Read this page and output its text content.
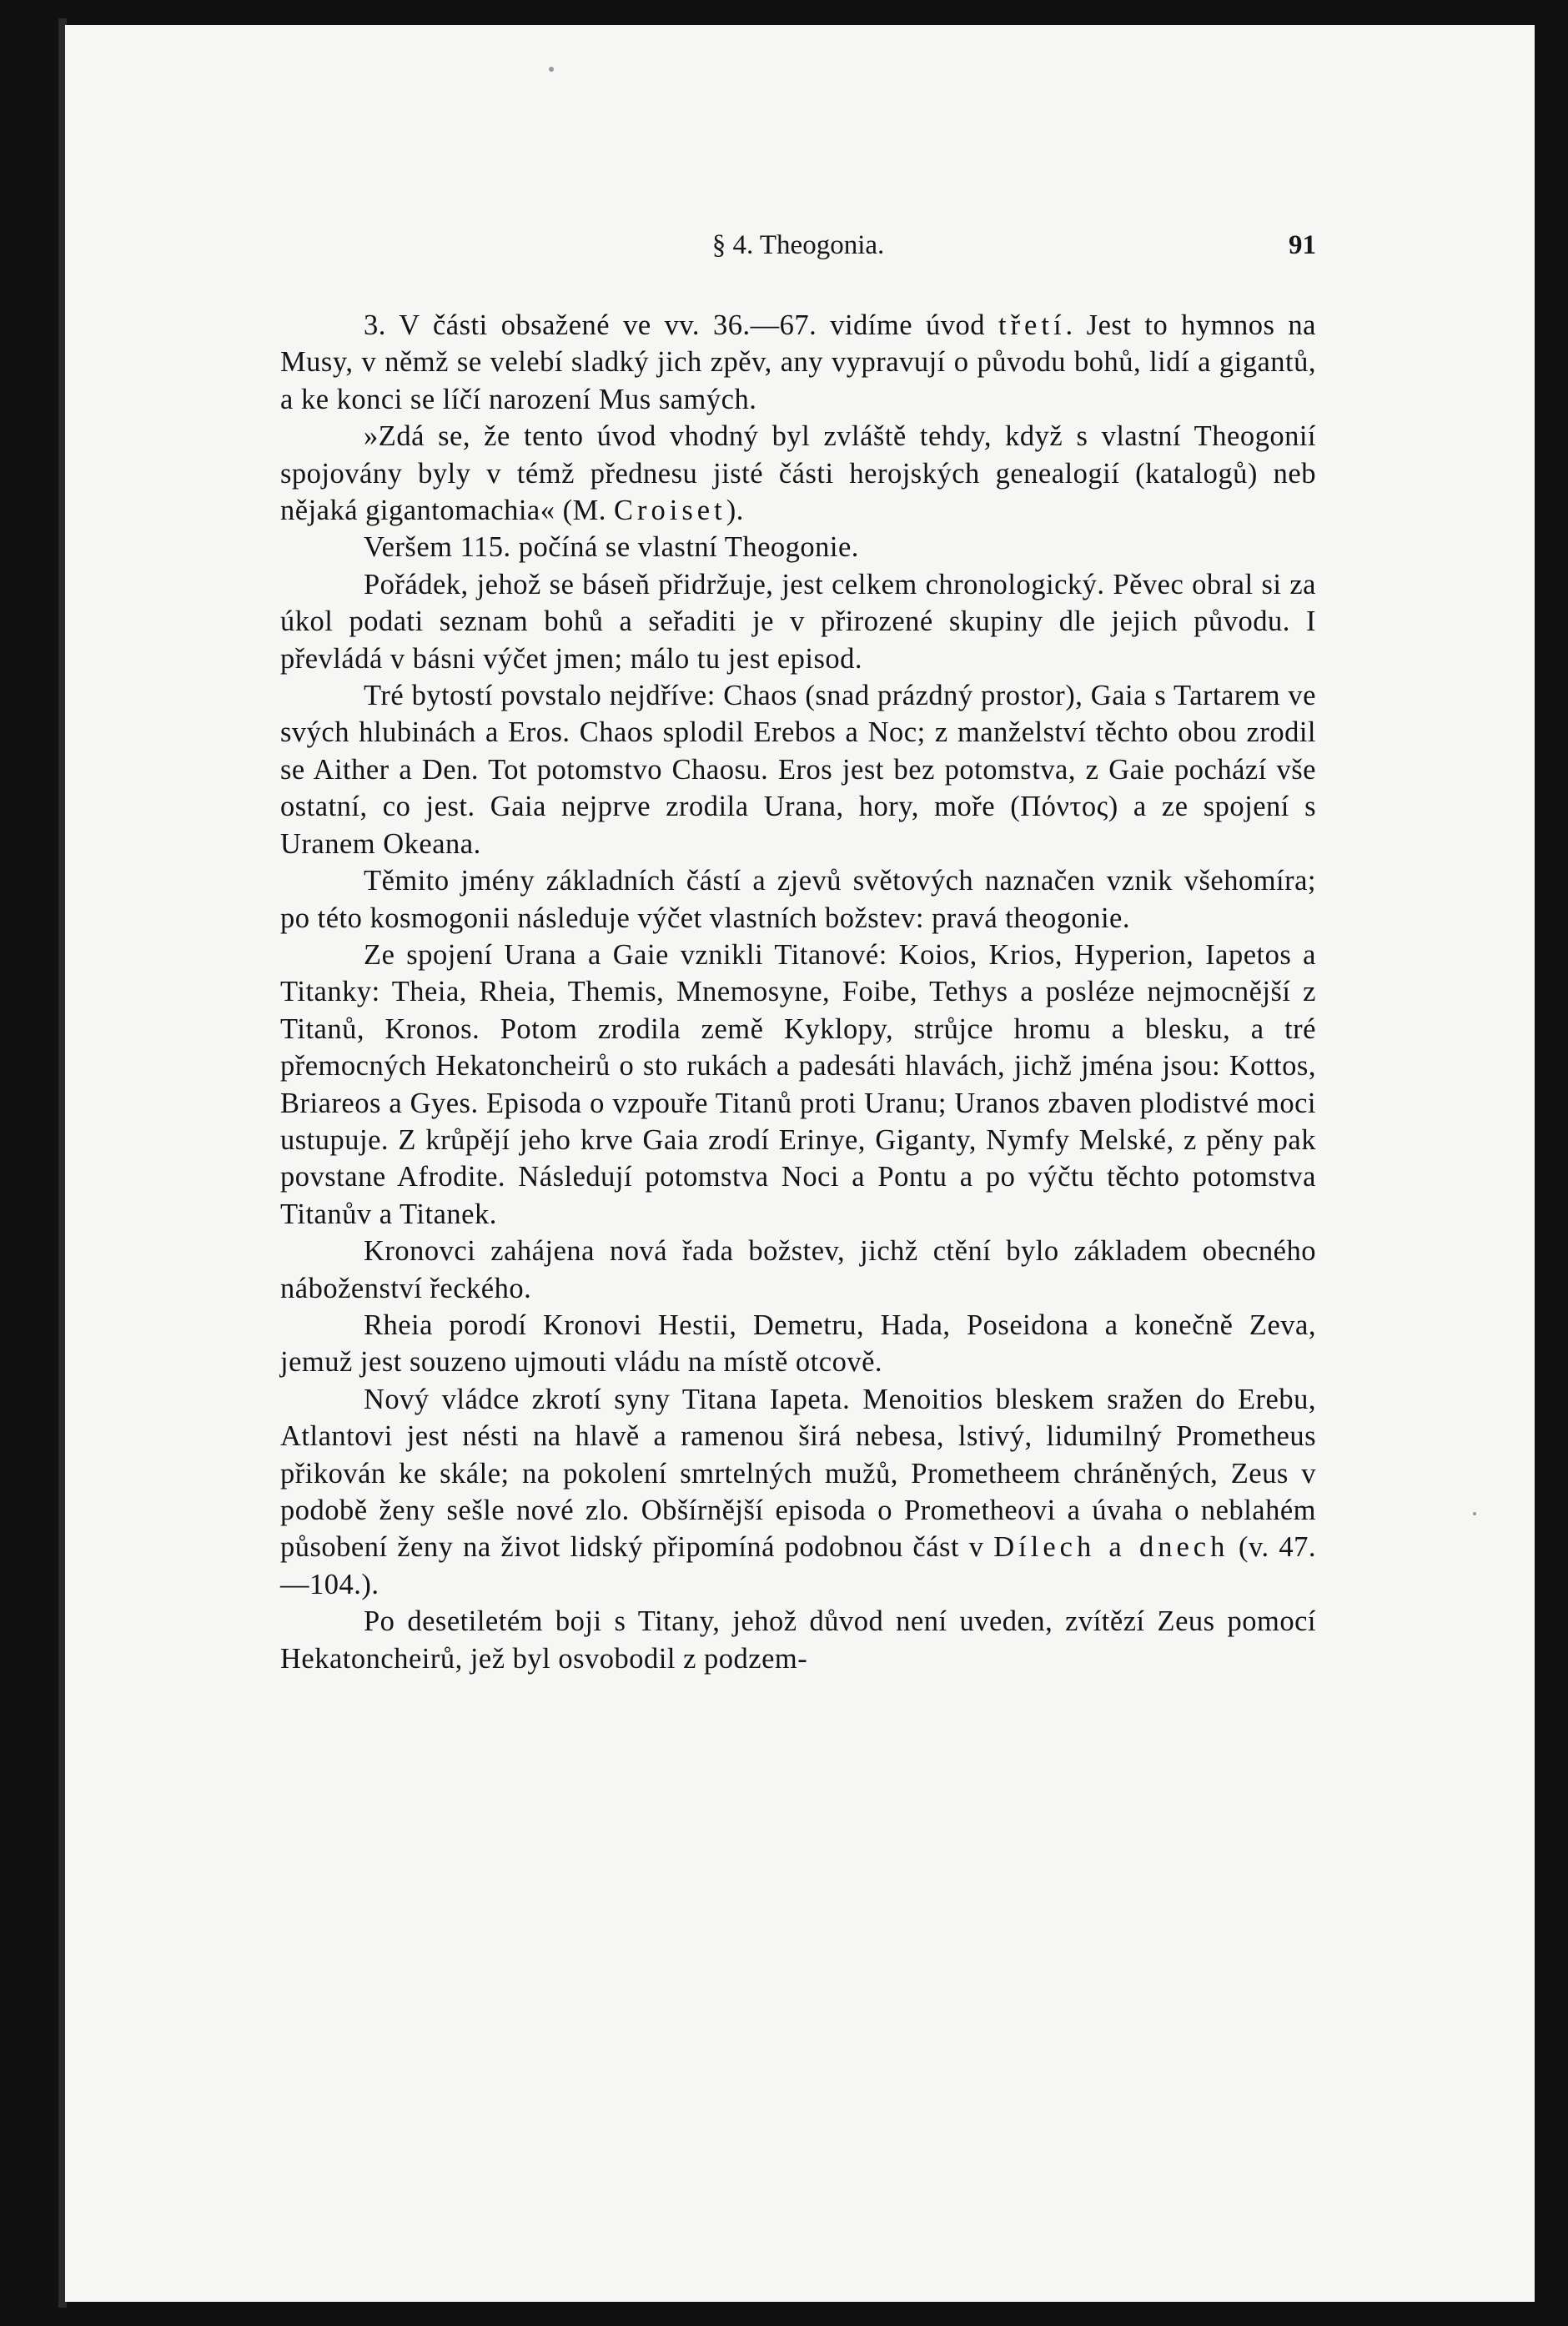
§ 4. Theogonia.	91

3. V části obsažené ve vv. 36.—67. vidíme úvod třetí. Jest to hymnos na Musy, v němž se velebí sladký jich zpěv, any vypravují o původu bohů, lidí a gigantů, a ke konci se líčí narození Mus samých.

»Zdá se, že tento úvod vhodný byl zvláště tehdy, když s vlastní Theogonií spojovány byly v témž přednesu jisté části herojských genealogií (katalogů) neb nějaká gigantomachia« (M. Croiset).

Veršem 115. počíná se vlastní Theogonie.

Pořádek, jehož se báseň přidržuje, jest celkem chronologický. Pěvec obral si za úkol podati seznam bohů a seřaditi je v přirozené skupiny dle jejich původu. I převládá v básni výčet jmen; málo tu jest episod.

Tré bytostí povstalo nejdříve: Chaos (snad prázdný prostor), Gaia s Tartarem ve svých hlubinách a Eros. Chaos splodil Erebos a Noc; z manželství těchto obou zrodil se Aither a Den. Tot potomstvo Chaosu. Eros jest bez potomstva, z Gaie pochází vše ostatní, co jest. Gaia nejprve zrodila Urana, hory, moře (Πόντος) a ze spojení s Uranem Okeana.

Těmito jmény základních částí a zjevů světových naznačen vznik všehomíra; po této kosmogonii následuje výčet vlastních božstev: pravá theogonie.

Ze spojení Urana a Gaie vznikli Titanové: Koios, Krios, Hyperion, Iapetos a Titanky: Theia, Rheia, Themis, Mnemosyne, Foibe, Tethys a posléze nejmocnější z Titanů, Kronos. Potom zrodila země Kyklopy, strůjce hromu a blesku, a tré přemocných Hekatoncheirů o sto rukách a padesáti hlavách, jichž jména jsou: Kottos, Briareos a Gyes. Episoda o vzpouře Titanů proti Uranu; Uranos zbaven plodistvé moci ustupuje. Z krůpějí jeho krve Gaia zrodí Erinye, Giganty, Nymfy Melské, z pěny pak povstane Afrodite. Následují potomstva Noci a Pontu a po výčtu těchto potomstva Titanův a Titanek.

Kronovci zahájena nová řada božstev, jichž ctění bylo základem obecného náboženství řeckého.

Rheia porodí Kronovi Hestii, Demetru, Hada, Poseidona a konečně Zeva, jemuž jest souzeno ujmouti vládu na místě otcově.

Nový vládce zkrotí syny Titana Iapeta. Menoitios bleskem sražen do Erebu, Atlantovi jest nésti na hlavě a ramenou širá nebesa, lstivý, lidumilný Prometheus přikován ke skále; na pokolení smrtelných mužů, Prometheem chráněných, Zeus v podobě ženy sešle nové zlo. Obšírnější episoda o Prometheovi a úvaha o neblahém působení ženy na život lidský připomíná podobnou část v Dílech a dnech (v. 47.—104.).

Po desetiletém boji s Titany, jehož důvod není uveden, zvítězí Zeus pomocí Hekatoncheirů, jež byl osvobodil z podzem-
